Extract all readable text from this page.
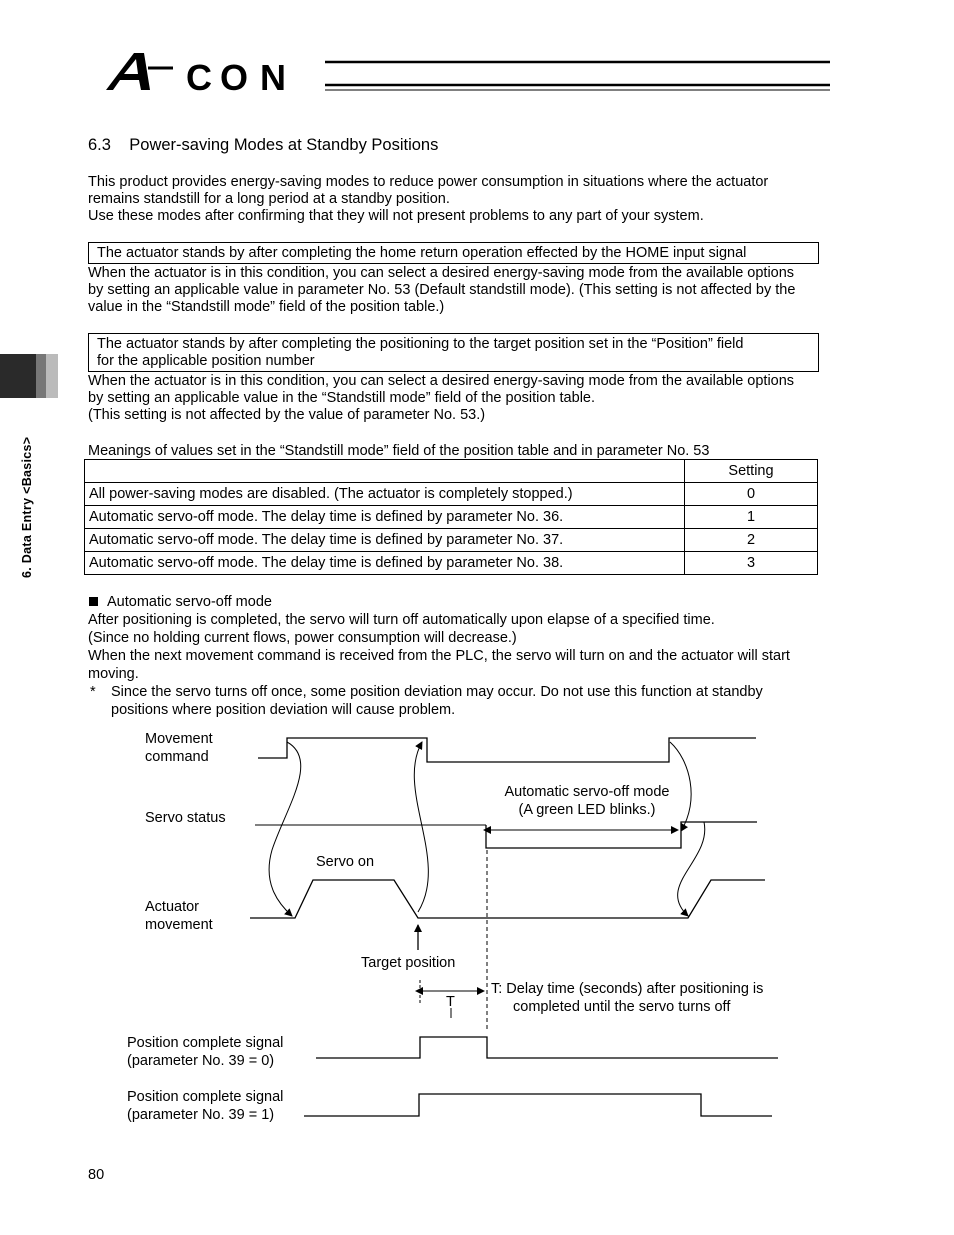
C O N
6.3    Power-saving Modes at Standby Positions
This product provides energy-saving modes to reduce power consumption in situations where the actuator
remains standstill for a long period at a standby position.
Use these modes after confirming that they will not present problems to any part of your system.
The actuator stands by after completing the home return operation effected by the HOME input signal
When the actuator is in this condition, you can select a desired energy-saving mode from the available options
by setting an applicable value in parameter No. 53 (Default standstill mode). (This setting is not affected by the
value in the “Standstill mode” field of the position table.)
The actuator stands by after completing the positioning to the target position set in the “Position” field
for the applicable position number
When the actuator is in this condition, you can select a desired energy-saving mode from the available options
by setting an applicable value in the “Standstill mode” field of the position table.
(This setting is not affected by the value of parameter No. 53.)
Meanings of values set in the “Standstill mode” field of the position table and in parameter No. 53
	Setting
All power-saving modes are disabled. (The actuator is completely stopped.)	0
Automatic servo-off mode. The delay time is defined by parameter No. 36.	1
Automatic servo-off mode. The delay time is defined by parameter No. 37.	2
Automatic servo-off mode. The delay time is defined by parameter No. 38.	3
Automatic servo-off mode
After positioning is completed, the servo will turn off automatically upon elapse of a specified time.
(Since no holding current flows, power consumption will decrease.)
When the next movement command is received from the PLC, the servo will turn on and the actuator will start
moving.
* Since the servo turns off once, some position deviation may occur. Do not use this function at standby
positions where position deviation will cause problem.
Movement
command
Servo status
Automatic servo-off mode
(A green LED blinks.)
Servo on
Actuator
movement
Target position
T
T: Delay time (seconds) after positioning is
completed until the servo turns off
Position complete signal
(parameter No. 39 = 0)
Position complete signal
(parameter No. 39 = 1)
6. Data Entry <Basics>
80
